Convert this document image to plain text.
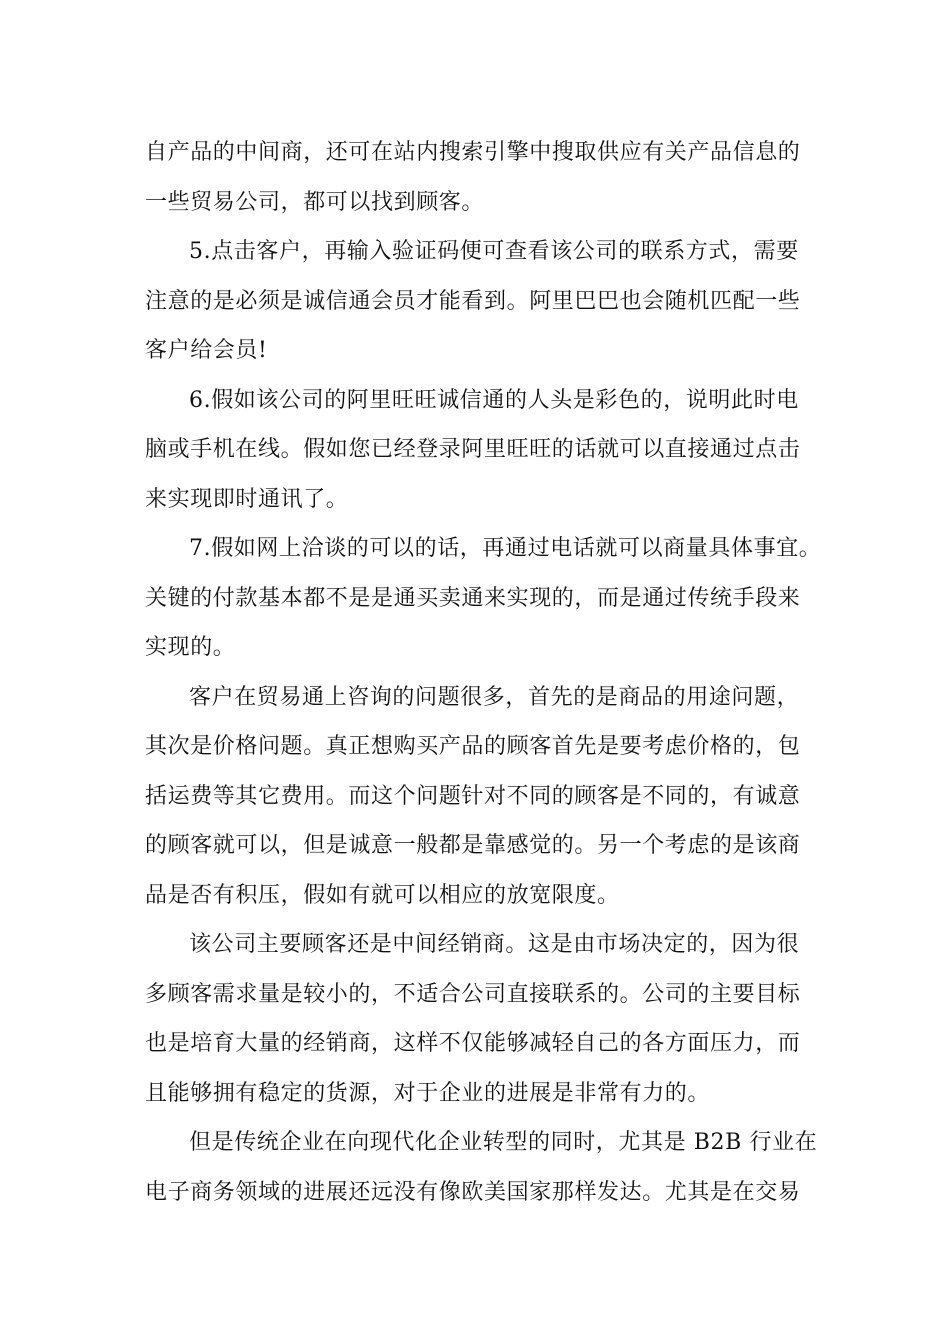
自产品的中间商，还可在站内搜索引擎中搜取供应有关产品信息的
一些贸易公司，都可以找到顾客。
5.点击客户，再输入验证码便可查看该公司的联系方式，需要
注意的是必须是诚信通会员才能看到。阿里巴巴也会随机匹配一些
客户给会员!
6.假如该公司的阿里旺旺诚信通的人头是彩色的，说明此时电
脑或手机在线。假如您已经登录阿里旺旺的话就可以直接通过点击
来实现即时通讯了。
7.假如网上洽谈的可以的话，再通过电话就可以商量具体事宜。
关键的付款基本都不是是通买卖通来实现的，而是通过传统手段来
实现的。
客户在贸易通上咨询的问题很多，首先的是商品的用途问题，
其次是价格问题。真正想购买产品的顾客首先是要考虑价格的，包
括运费等其它费用。而这个问题针对不同的顾客是不同的，有诚意
的顾客就可以，但是诚意一般都是靠感觉的。另一个考虑的是该商
品是否有积压，假如有就可以相应的放宽限度。
该公司主要顾客还是中间经销商。这是由市场决定的，因为很
多顾客需求量是较小的，不适合公司直接联系的。公司的主要目标
也是培育大量的经销商，这样不仅能够减轻自己的各方面压力，而
且能够拥有稳定的货源，对于企业的进展是非常有力的。
但是传统企业在向现代化企业转型的同时，尤其是 B2B 行业在
电子商务领域的进展还远没有像欧美国家那样发达。尤其是在交易
